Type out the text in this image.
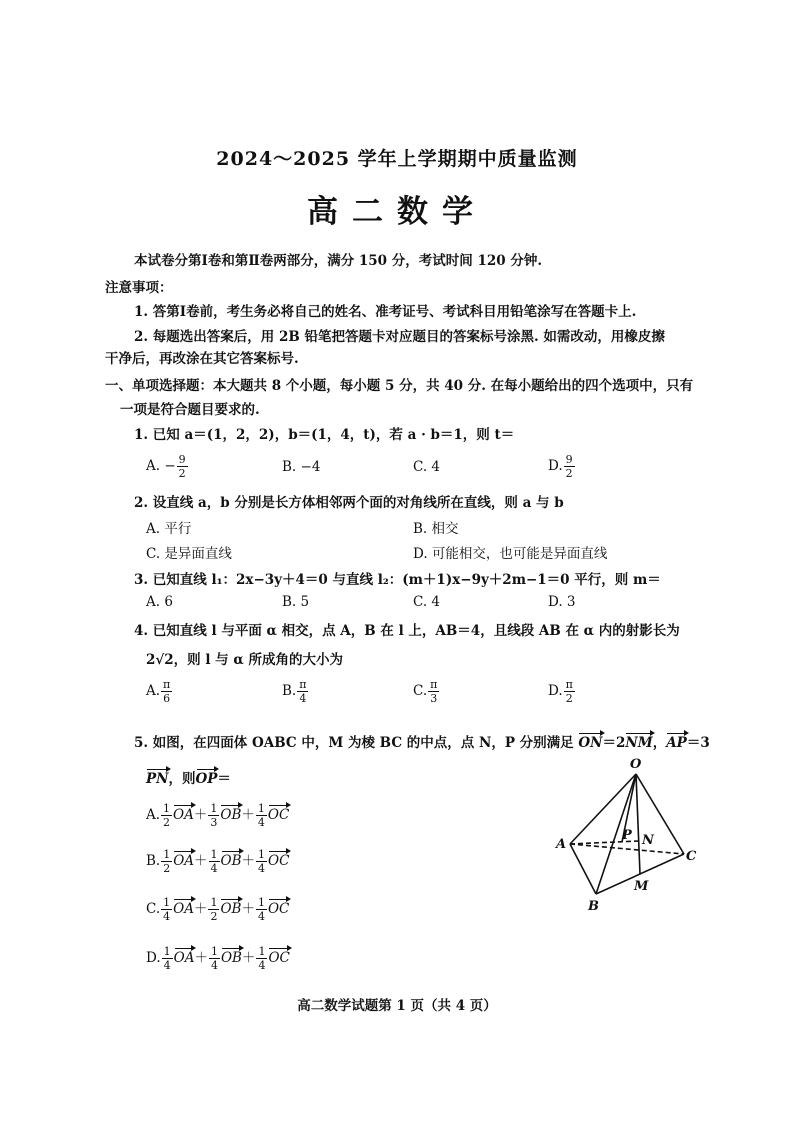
2024～2025 学年上学期期中质量监测
高二数学
本试卷分第Ⅰ卷和第Ⅱ卷两部分，满分 150 分，考试时间 120 分钟.
注意事项：
1. 答第Ⅰ卷前，考生务必将自己的姓名、准考证号、考试科目用铅笔涂写在答题卡上.
2. 每题选出答案后，用 2B 铅笔把答题卡对应题目的答案标号涂黑. 如需改动，用橡皮擦
干净后，再改涂在其它答案标号.
一、单项选择题：本大题共 8 个小题，每小题 5 分，共 40 分. 在每小题给出的四个选项中，只有
一项是符合题目要求的.
1. 已知 a＝(1，2，2)，b＝(1，4，t)，若 a · b＝1，则 t＝
A. − $\frac{9}{2}$	B. −4	C. 4	D. $\frac{9}{2}$
2. 设直线 a，b 分别是长方体相邻两个面的对角线所在直线，则 a 与 b
A. 平行	B. 相交
C. 是异面直线	D. 可能相交，也可能是异面直线
3. 已知直线 l₁：2x−3y＋4＝0 与直线 l₂：(m＋1)x−9y＋2m−1＝0 平行，则 m＝
A. 6	B. 5	C. 4	D. 3
4. 已知直线 l 与平面 α 相交，点 A，B 在 l 上，AB＝4，且线段 AB 在 α 内的射影长为
2√2，则 l 与 α 所成角的大小为
A. $\frac{\pi}{6}$	B. $\frac{\pi}{4}$	C. $\frac{\pi}{3}$	D. $\frac{\pi}{2}$
5. 如图，在四面体 OABC 中，M 为棱 BC 的中点，点 N，P 分别满足 ON＝2NM，AP＝3
PN，则OP＝
A. $\frac{1}{2} OA+ \frac{1}{3} OB+ \frac{1}{4}$ OC
B. $\frac{1}{2} OA+ \frac{1}{4} OB+ \frac{1}{4}$ OC
C. $\frac{1}{4} OA+ \frac{1}{2} OB+ \frac{1}{4}$ OC
D. $\frac{1}{4} OA+ \frac{1}{4} OB+ \frac{1}{4}$ OC
O
A
B
C
M
N
P
高二数学试题第 1 页（共 4 页）
